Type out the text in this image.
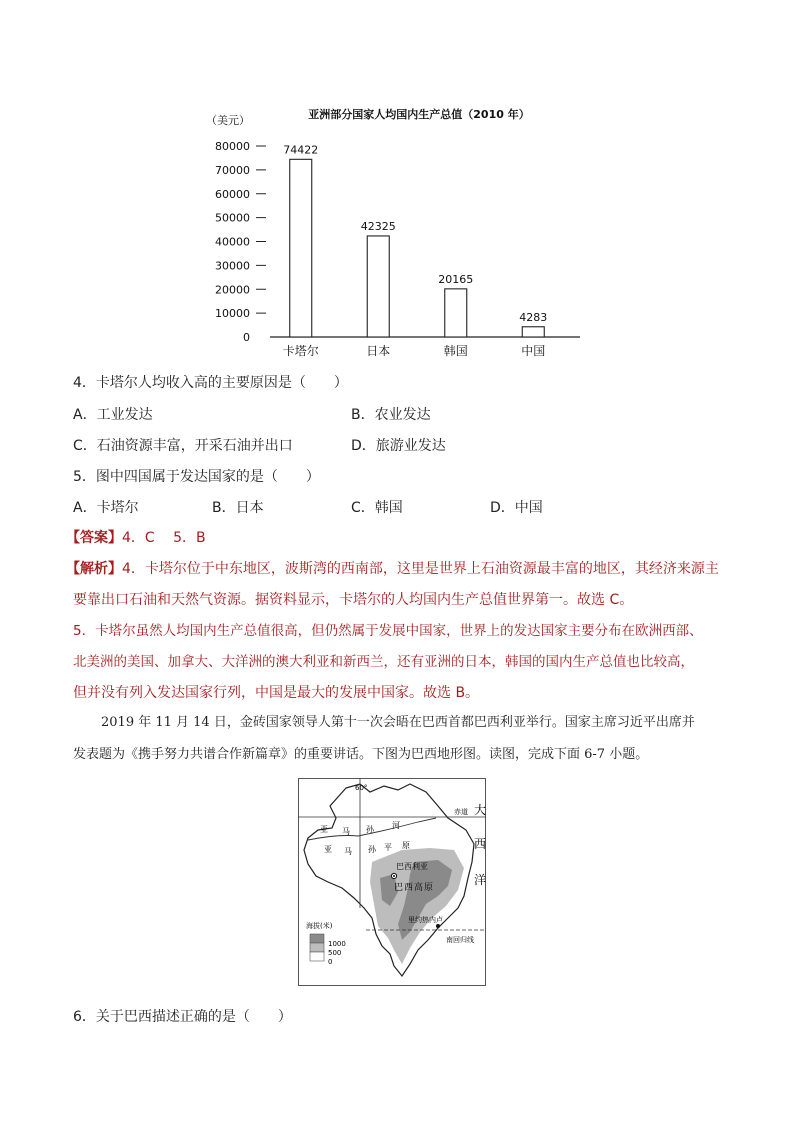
亚洲部分国家人均国内生产总值（2010 年）
（美元）
80000
70000
60000
50000
40000
30000
20000
10000
0
74422
卡塔尔
42325
日本
20165
韩国
4283
中国
4．卡塔尔人均收入高的主要原因是（　　）
A．工业发达	B．农业发达
C．石油资源丰富，开采石油并出口	D．旅游业发达
5．图中四国属于发达国家的是（　　）
A．卡塔尔	B．日本	C．韩国	D．中国
【答案】4．C　 5．B
【解析】4．卡塔尔位于中东地区，波斯湾的西南部，这里是世界上石油资源最丰富的地区，其经济来源主
要靠出口石油和天然气资源。据资料显示，卡塔尔的人均国内生产总值世界第一。故选 C。
5．卡塔尔虽然人均国内生产总值很高，但仍然属于发展中国家，世界上的发达国家主要分布在欧洲西部、
北美洲的美国、加拿大、大洋洲的澳大利亚和新西兰，还有亚洲的日本，韩国的国内生产总值也比较高，
但并没有列入发达国家行列，中国是最大的发展中国家。故选 B。
2019 年 11 月 14 日，金砖国家领导人第十一次会晤在巴西首都巴西利亚举行。国家主席习近平出席并
发表题为《携手努力共谱合作新篇章》的重要讲话。下图为巴西地形图。读图，完成下面 6-7 小题。
60°
赤道
南回归线
巴西利亚
里约热内卢
巴 西 高 原
亚 马 孙 河
亚 马 孙 平 原
大
西
洋
海拔(米)
1000
500
0
6．关于巴西描述正确的是（　　）
